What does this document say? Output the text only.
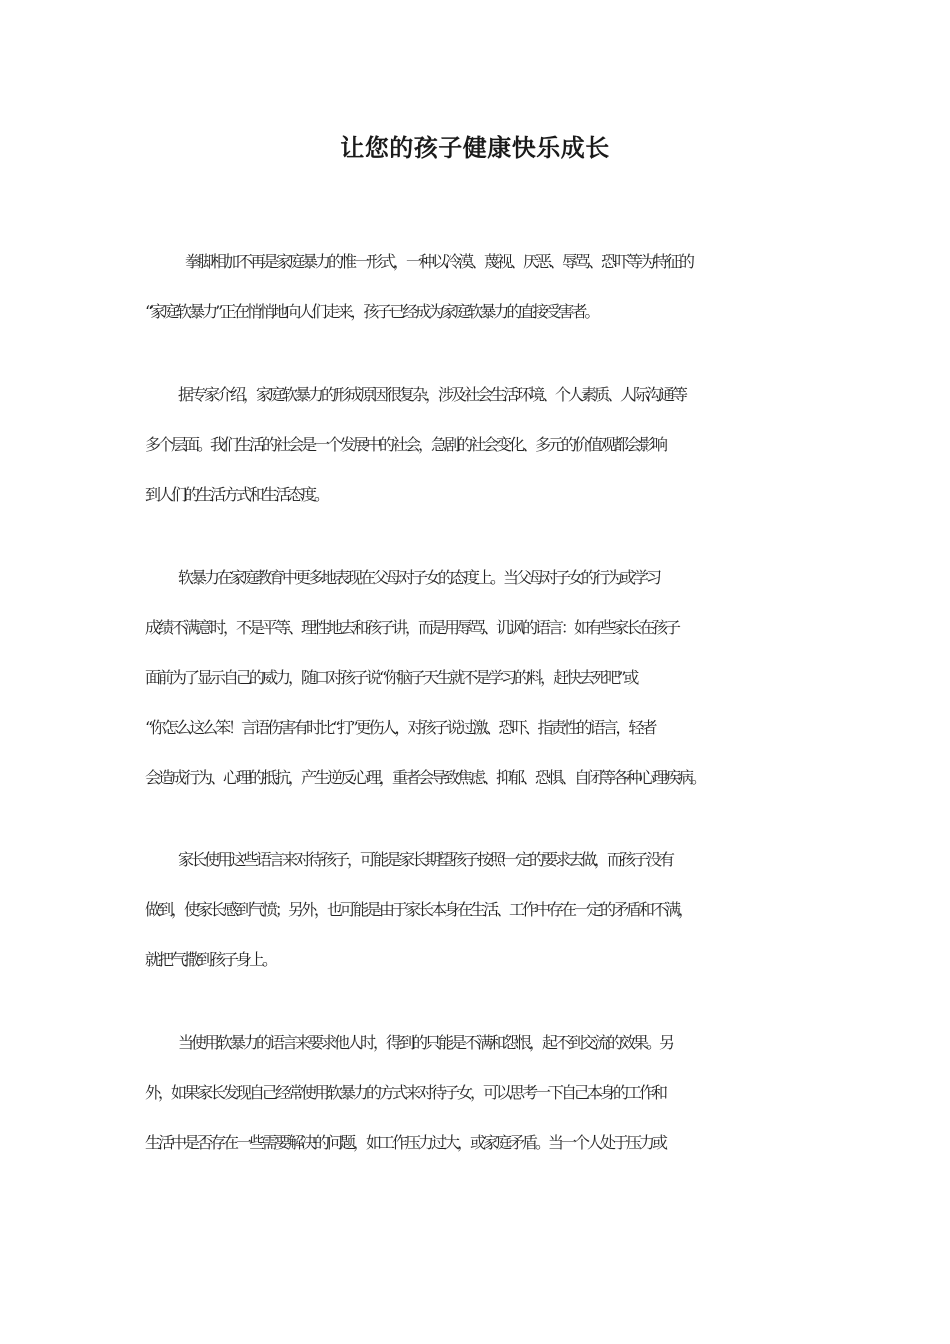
让您的孩子健康快乐成长
拳脚相加不再是家庭暴力的惟一形式，一种以冷漠、蔑视、厌恶、辱骂、恐吓等为特征的
“家庭软暴力”正在悄悄地向人们走来，孩子已经成为家庭软暴力的直接受害者。
据专家介绍，家庭软暴力的形成原因很复杂，涉及社会生活环境、个人素质、人际沟通等
多个层面。我们生活的社会是一个发展中的社会，急剧的社会变化、多元的价值观都会影响
到人们的生活方式和生活态度。
软暴力在家庭教育中更多地表现在父母对子女的态度上。当父母对子女的行为或学习
成绩不满意时，不是平等、理性地去和孩子讲，而是用辱骂、讥讽的语言：如有些家长在孩子
面前为了显示自己的威力，随口对孩子说“你脑子天生就不是学习的料，赶快去死吧”或
“你怎么这么笨！言语伤害有时比“打”更伤人，对孩子说过激、恐吓、指责性的语言，轻者
会造成行为、心理的抵抗，产生逆反心理，重者会导致焦虑、抑郁、恐惧、自闭等各种心理疾病。
家长使用这些语言来对待孩子，可能是家长期望孩子按照一定的要求去做，而孩子没有
做到，使家长感到气愤；另外，也可能是由于家长本身在生活、工作中存在一定的矛盾和不满，
就把气撒到孩子身上。
当使用软暴力的语言来要求他人时，得到的只能是不满和怨恨，起不到交流的效果。另
外，如果家长发现自己经常使用软暴力的方式来对待子女，可以思考一下自己本身的工作和
生活中是否存在一些需要解决的问题，如工作压力过大，或家庭矛盾。当一个人处于压力或
